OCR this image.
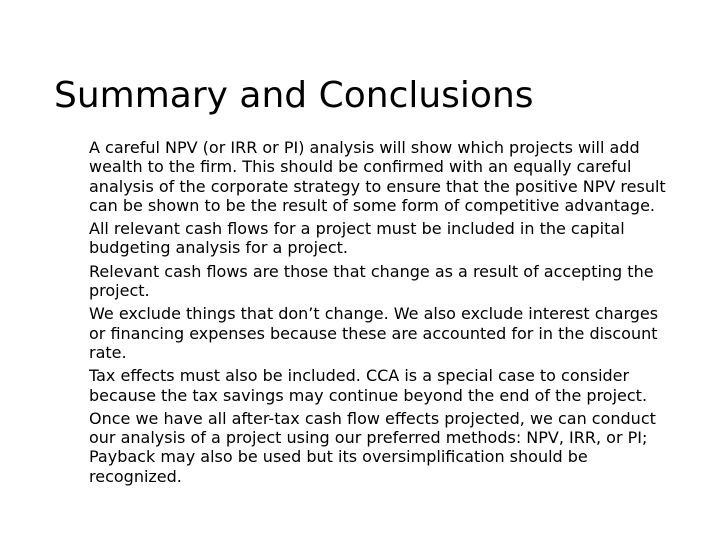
Summary and Conclusions
A careful NPV (or IRR or PI) analysis will show which projects will add wealth to the firm. This should be confirmed with an equally careful analysis of the corporate strategy to ensure that the positive NPV result can be shown to be the result of some form of competitive advantage.
All relevant cash flows for a project must be included in the capital budgeting analysis for a project.
Relevant cash flows are those that change as a result of accepting the project.
We exclude things that don’t change. We also exclude interest charges or financing expenses because these are accounted for in the discount rate.
Tax effects must also be included. CCA is a special case to consider because the tax savings may continue beyond the end of the project.
Once we have all after-tax cash flow effects projected, we can conduct our analysis of a project using our preferred methods: NPV, IRR, or PI; Payback may also be used but its oversimplification should be recognized.
